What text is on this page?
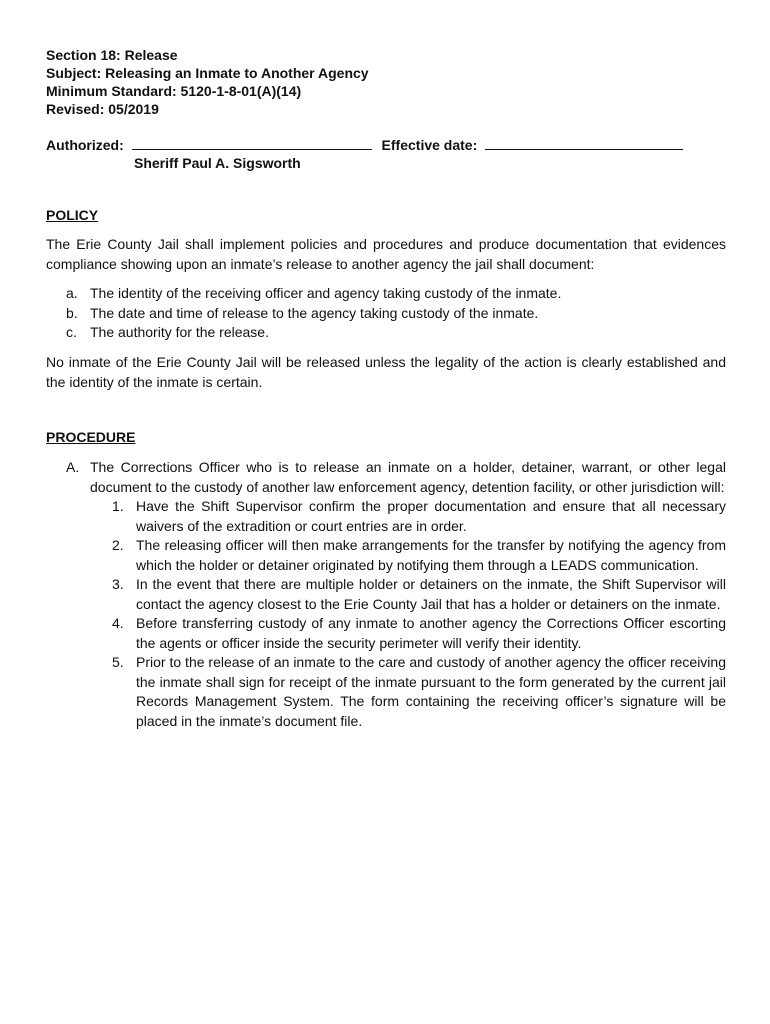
Section 18: Release
Subject: Releasing an Inmate to Another Agency
Minimum Standard: 5120-1-8-01(A)(14)
Revised: 05/2019
Authorized:	Effective date:
Sheriff Paul A. Sigsworth
POLICY
The Erie County Jail shall implement policies and procedures and produce documentation that evidences compliance showing upon an inmate’s release to another agency the jail shall document:
a. The identity of the receiving officer and agency taking custody of the inmate.
b. The date and time of release to the agency taking custody of the inmate.
c. The authority for the release.
No inmate of the Erie County Jail will be released unless the legality of the action is clearly established and the identity of the inmate is certain.
PROCEDURE
A. The Corrections Officer who is to release an inmate on a holder, detainer, warrant, or other legal document to the custody of another law enforcement agency, detention facility, or other jurisdiction will:
1. Have the Shift Supervisor confirm the proper documentation and ensure that all necessary waivers of the extradition or court entries are in order.
2. The releasing officer will then make arrangements for the transfer by notifying the agency from which the holder or detainer originated by notifying them through a LEADS communication.
3. In the event that there are multiple holder or detainers on the inmate, the Shift Supervisor will contact the agency closest to the Erie County Jail that has a holder or detainers on the inmate.
4. Before transferring custody of any inmate to another agency the Corrections Officer escorting the agents or officer inside the security perimeter will verify their identity.
5. Prior to the release of an inmate to the care and custody of another agency the officer receiving the inmate shall sign for receipt of the inmate pursuant to the form generated by the current jail Records Management System. The form containing the receiving officer’s signature will be placed in the inmate’s document file.
